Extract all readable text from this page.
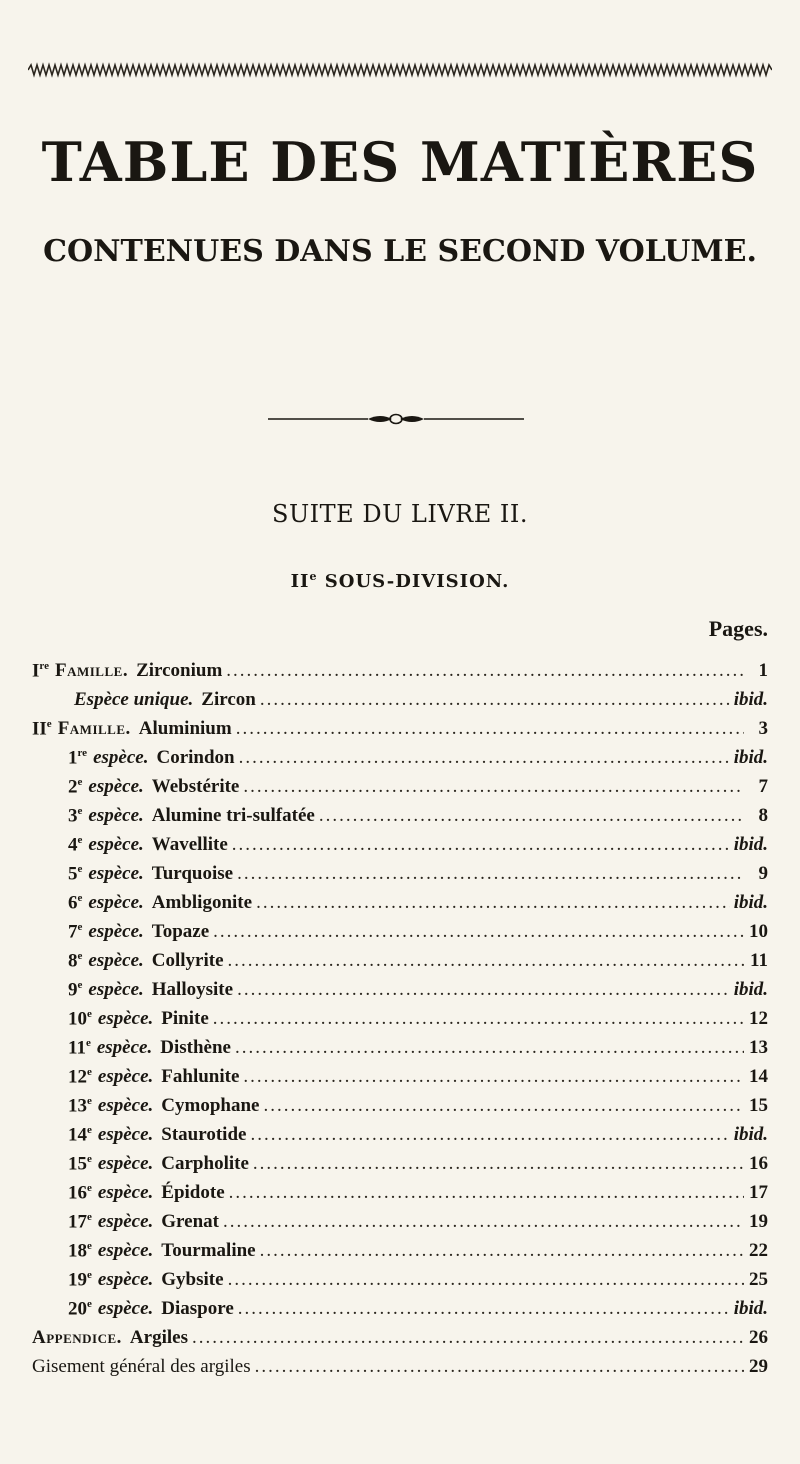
TABLE DES MATIÈRES
CONTENUES DANS LE SECOND VOLUME.
SUITE DU LIVRE II.
IIe SOUS-DIVISION.
Pages.
Ire Famille. Zirconium .....	1
Espèce unique. Zircon .....	ibid.
IIe Famille. Aluminium .....	3
1re espèce. Corindon .....	ibid.
2e espèce. Webstérite .....	7
3e espèce. Alumine tri-sulfatée .....	8
4e espèce. Wavellite .....	ibid.
5e espèce. Turquoise .....	9
6e espèce. Ambligonite .....	ibid.
7e espèce. Topaze .....	10
8e espèce. Collyrite .....	11
9e espèce. Halloysite .....	ibid.
10e espèce. Pinite .....	12
11e espèce. Disthène .....	13
12e espèce. Fahlunite .....	14
13e espèce. Cymophane .....	15
14e espèce. Staurotide .....	ibid.
15e espèce. Carpholite .....	16
16e espèce. Épidote .....	17
17e espèce. Grenat .....	19
18e espèce. Tourmaline .....	22
19e espèce. Gybsite .....	25
20e espèce. Diaspore .....	ibid.
Appendice. Argiles .....	26
Gisement général des argiles .....	29
